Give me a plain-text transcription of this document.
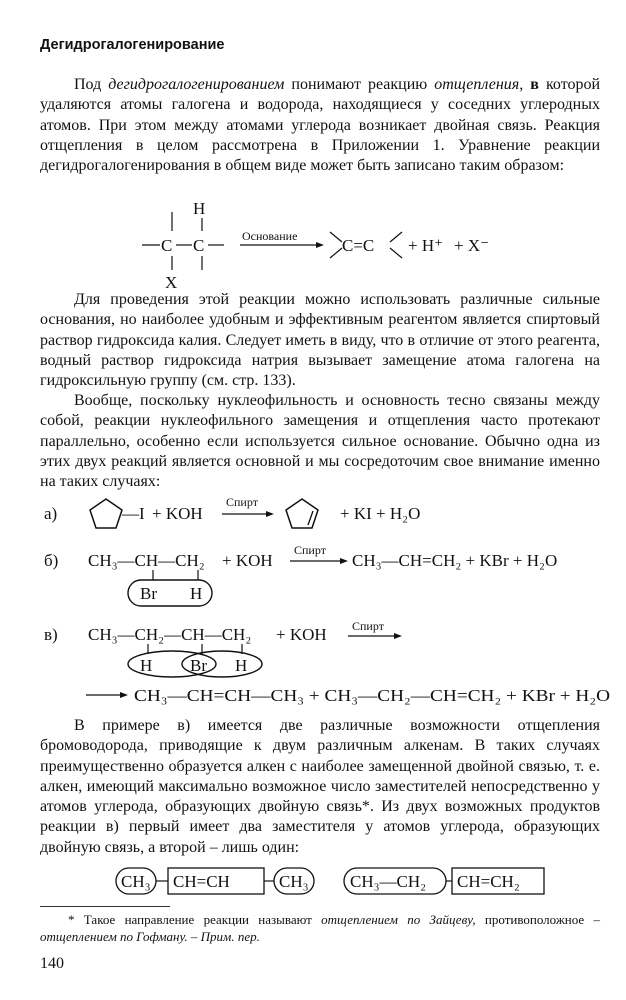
Дегидрогалогенирование

Под дегидрогалогенированием понимают реакцию отщепления, в которой удаляются атомы галогена и водорода, находящиеся у соседних углеродных атомов. При этом между атомами углерода возникает двойная связь. Реакция отщепления в целом рассмотрена в Приложении 1. Уравнение реакции дегидрогалогенирования в общем виде может быть записано таким образом:

H
C C
X
Основание	C=C + H⁺ + X⁻

Для проведения этой реакции можно использовать различные сильные основания, но наиболее удобным и эффективным реагентом является спиртовый раствор гидроксида калия. Следует иметь в виду, что в отличие от этого реагента, водный раствор гидроксида натрия вызывает замещение атома галогена на гидроксильную группу (см. стр. 133).

Вообще, поскольку нуклеофильность и основность тесно связаны между собой, реакции нуклеофильного замещения и отщепления часто протекают параллельно, особенно если используется сильное основание. Обычно одна из этих двух реакций является основной и мы сосредоточим свое внимание именно на таких случаях:

а)	—I + KOH
Спирт
+ KI + H₂O
б) CH₃—CH—CH₂ + KOH
Спирт
CH₃—CH=CH₂ + KBr + H₂O
Br H
в) CH₃—CH₂—CH—CH₂ + KOH Спирт
H Br H
CH₃—CH=CH—CH₃ + CH₃—CH₂—CH=CH₂ + KBr + H₂O

В примере в) имеется две различные возможности отщепления бромоводорода, приводящие к двум различным алкенам. В таких случаях преимущественно образуется алкен с наиболее замещенной двойной связью, т. е. алкен, имеющий максимально возможное число заместителей непосредственно у атомов углерода, образующих двойную связь*. Из двух возможных продуктов реакции в) первый имеет два заместителя у атомов углерода, образующих двойную связь, а второй – лишь один:

CH₃ CH=CH	CH₃ CH₃—CH₂ CH=CH₂
* Такое направление реакции называют отщеплением по Зайцеву, противоположное – отщеплением по Гофману. – Прим. пер.
140
